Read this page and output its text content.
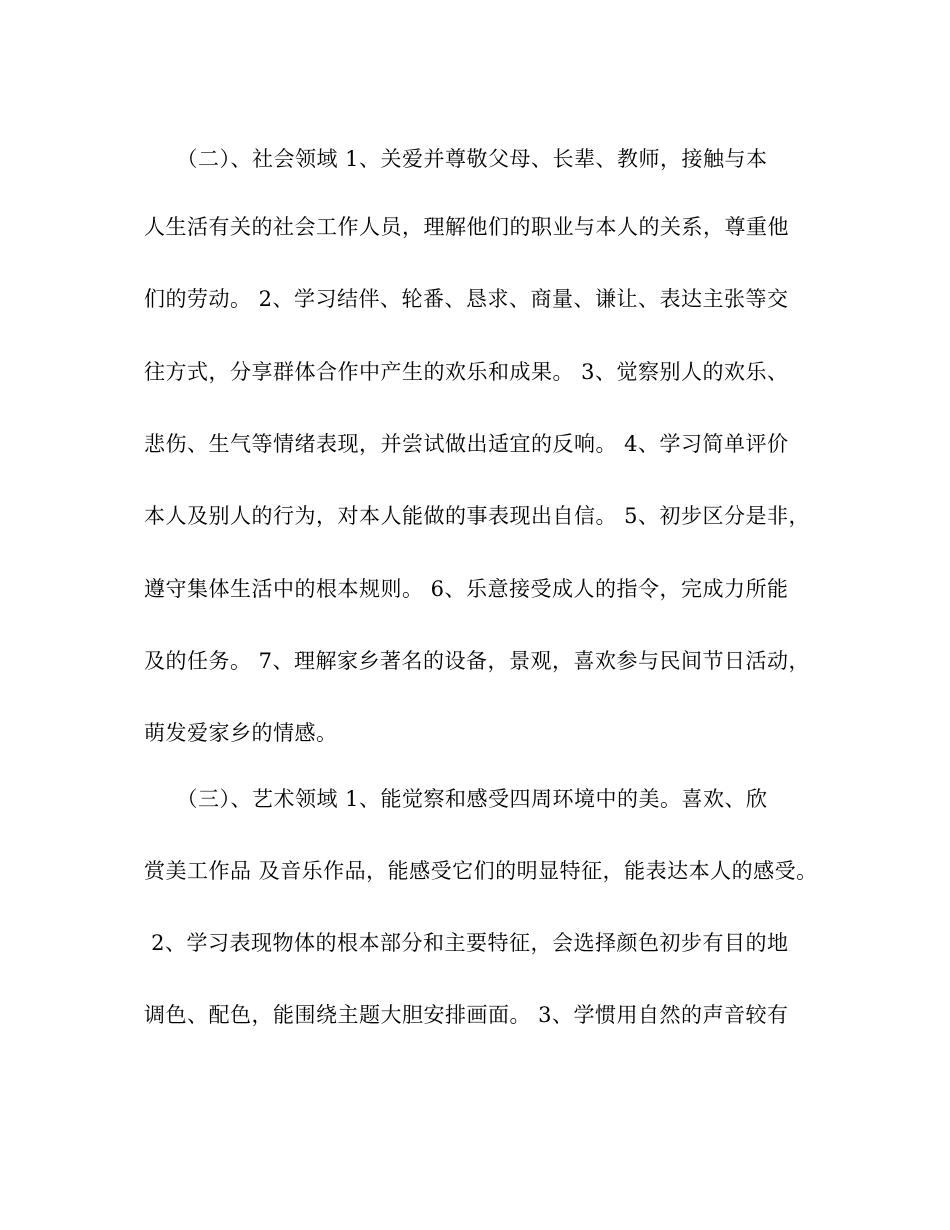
　　（二）、社会领域 1、关爱并尊敬父母、长辈、教师，接触与本
人生活有关的社会工作人员，理解他们的职业与本人的关系，尊重他
们的劳动。 2、学习结伴、轮番、恳求、商量、谦让、表达主张等交
往方式，分享群体合作中产生的欢乐和成果。 3、觉察别人的欢乐、
悲伤、生气等情绪表现，并尝试做出适宜的反响。 4、学习简单评价
本人及别人的行为，对本人能做的事表现出自信。 5、初步区分是非，
遵守集体生活中的根本规则。 6、乐意接受成人的指令，完成力所能
及的任务。 7、理解家乡著名的设备，景观，喜欢参与民间节日活动，
萌发爱家乡的情感。
　　（三）、艺术领域 1、能觉察和感受四周环境中的美。喜欢、欣
赏美工作品 及音乐作品，能感受它们的明显特征，能表达本人的感受。
2、学习表现物体的根本部分和主要特征，会选择颜色初步有目的地
调色、配色，能围绕主题大胆安排画面。 3、学惯用自然的声音较有
